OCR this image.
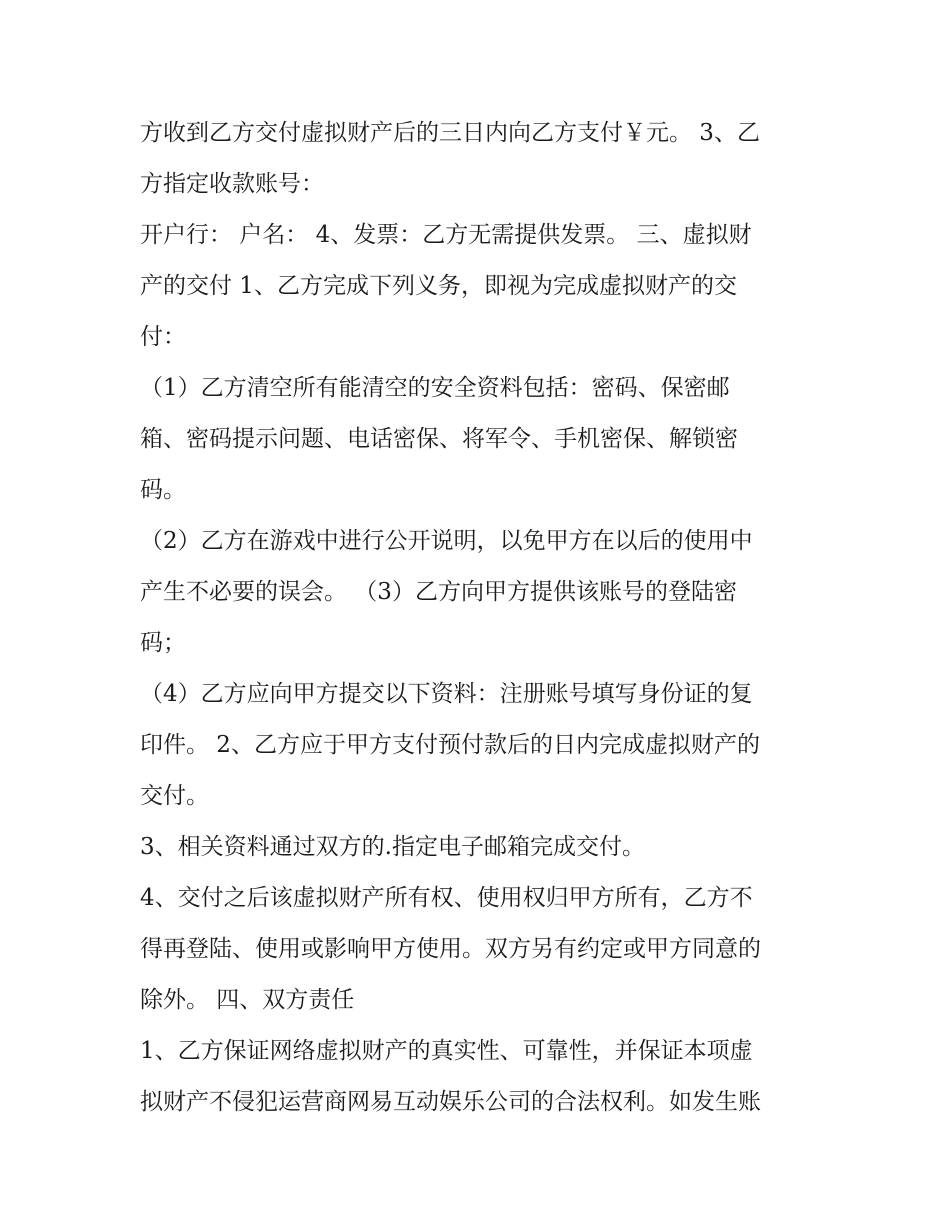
方收到乙方交付虚拟财产后的三日内向乙方支付￥元。 3、乙
方指定收款账号：
开户行： 户名： 4、发票：乙方无需提供发票。 三、虚拟财
产的交付 1、乙方完成下列义务，即视为完成虚拟财产的交
付：
（1）乙方清空所有能清空的安全资料包括：密码、保密邮
箱、密码提示问题、电话密保、将军令、手机密保、解锁密
码。
（2）乙方在游戏中进行公开说明，以免甲方在以后的使用中
产生不必要的误会。 （3）乙方向甲方提供该账号的登陆密
码；
（4）乙方应向甲方提交以下资料：注册账号填写身份证的复
印件。 2、乙方应于甲方支付预付款后的日内完成虚拟财产的
交付。
3、相关资料通过双方的.指定电子邮箱完成交付。
4、交付之后该虚拟财产所有权、使用权归甲方所有，乙方不
得再登陆、使用或影响甲方使用。双方另有约定或甲方同意的
除外。 四、双方责任
1、乙方保证网络虚拟财产的真实性、可靠性，并保证本项虚
拟财产不侵犯运营商网易互动娱乐公司的合法权利。如发生账
